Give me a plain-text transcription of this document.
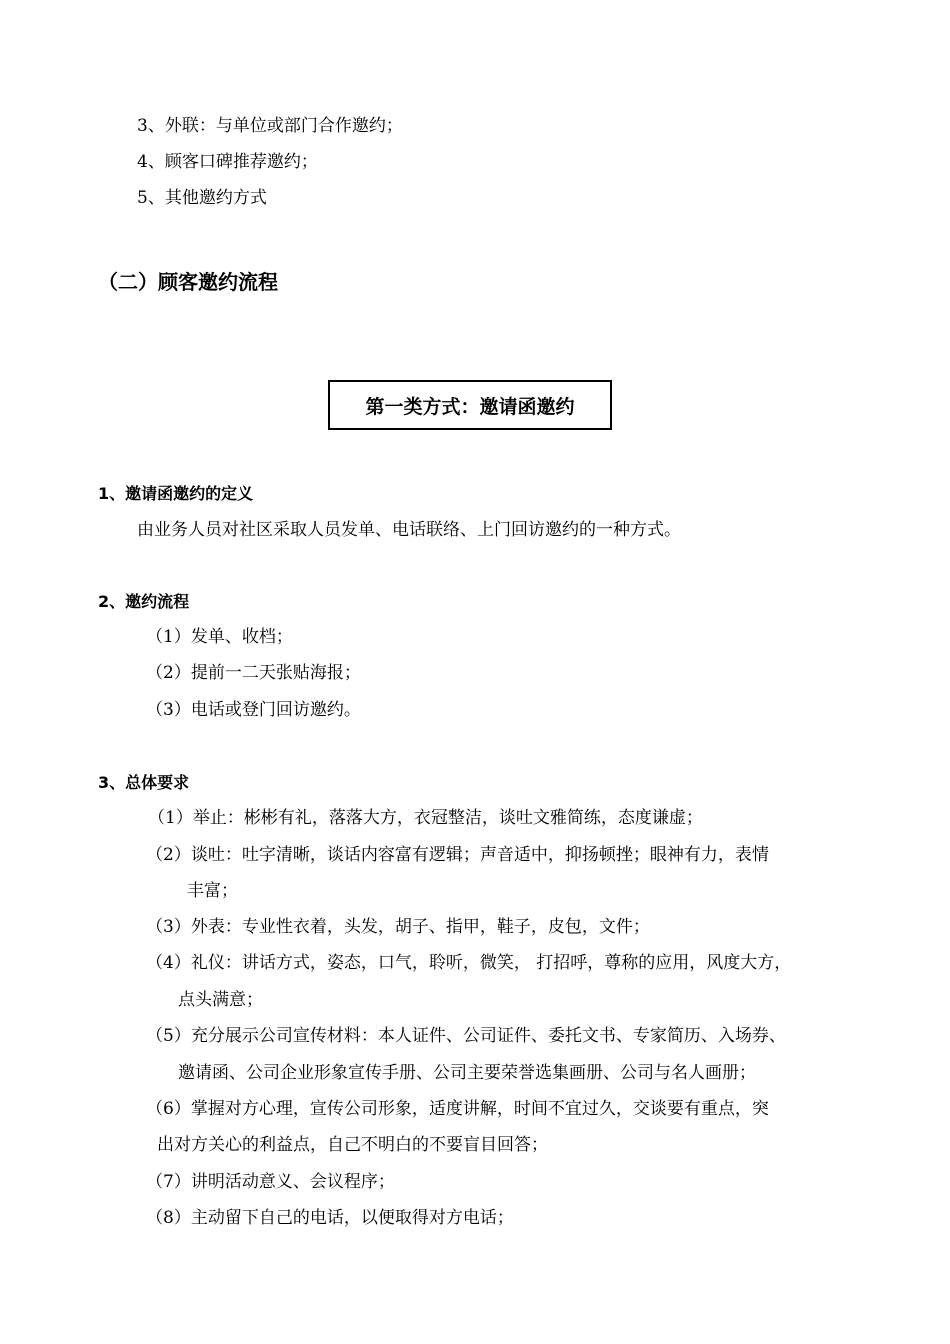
3、外联：与单位或部门合作邀约；
4、顾客口碑推荐邀约；
5、其他邀约方式
（二）顾客邀约流程
第一类方式：邀请函邀约
1、邀请函邀约的定义
由业务人员对社区采取人员发单、电话联络、上门回访邀约的一种方式。
2、邀约流程
（1）发单、收档；
（2）提前一二天张贴海报；
（3）电话或登门回访邀约。
3、总体要求
（1）举止：彬彬有礼，落落大方，衣冠整洁，谈吐文雅简练，态度谦虚；
（2）谈吐：吐字清晰，谈话内容富有逻辑；声音适中，抑扬顿挫；眼神有力，表情
丰富；
（3）外表：专业性衣着，头发，胡子、指甲，鞋子，皮包，文件；
（4）礼仪：讲话方式，姿态，口气，聆听，微笑， 打招呼，尊称的应用，风度大方，
点头满意；
（5）充分展示公司宣传材料：本人证件、公司证件、委托文书、专家简历、入场券、
邀请函、公司企业形象宣传手册、公司主要荣誉选集画册、公司与名人画册；
（6）掌握对方心理，宣传公司形象，适度讲解，时间不宜过久，交谈要有重点，突
出对方关心的利益点，自己不明白的不要盲目回答；
（7）讲明活动意义、会议程序；
（8）主动留下自己的电话，以便取得对方电话；
